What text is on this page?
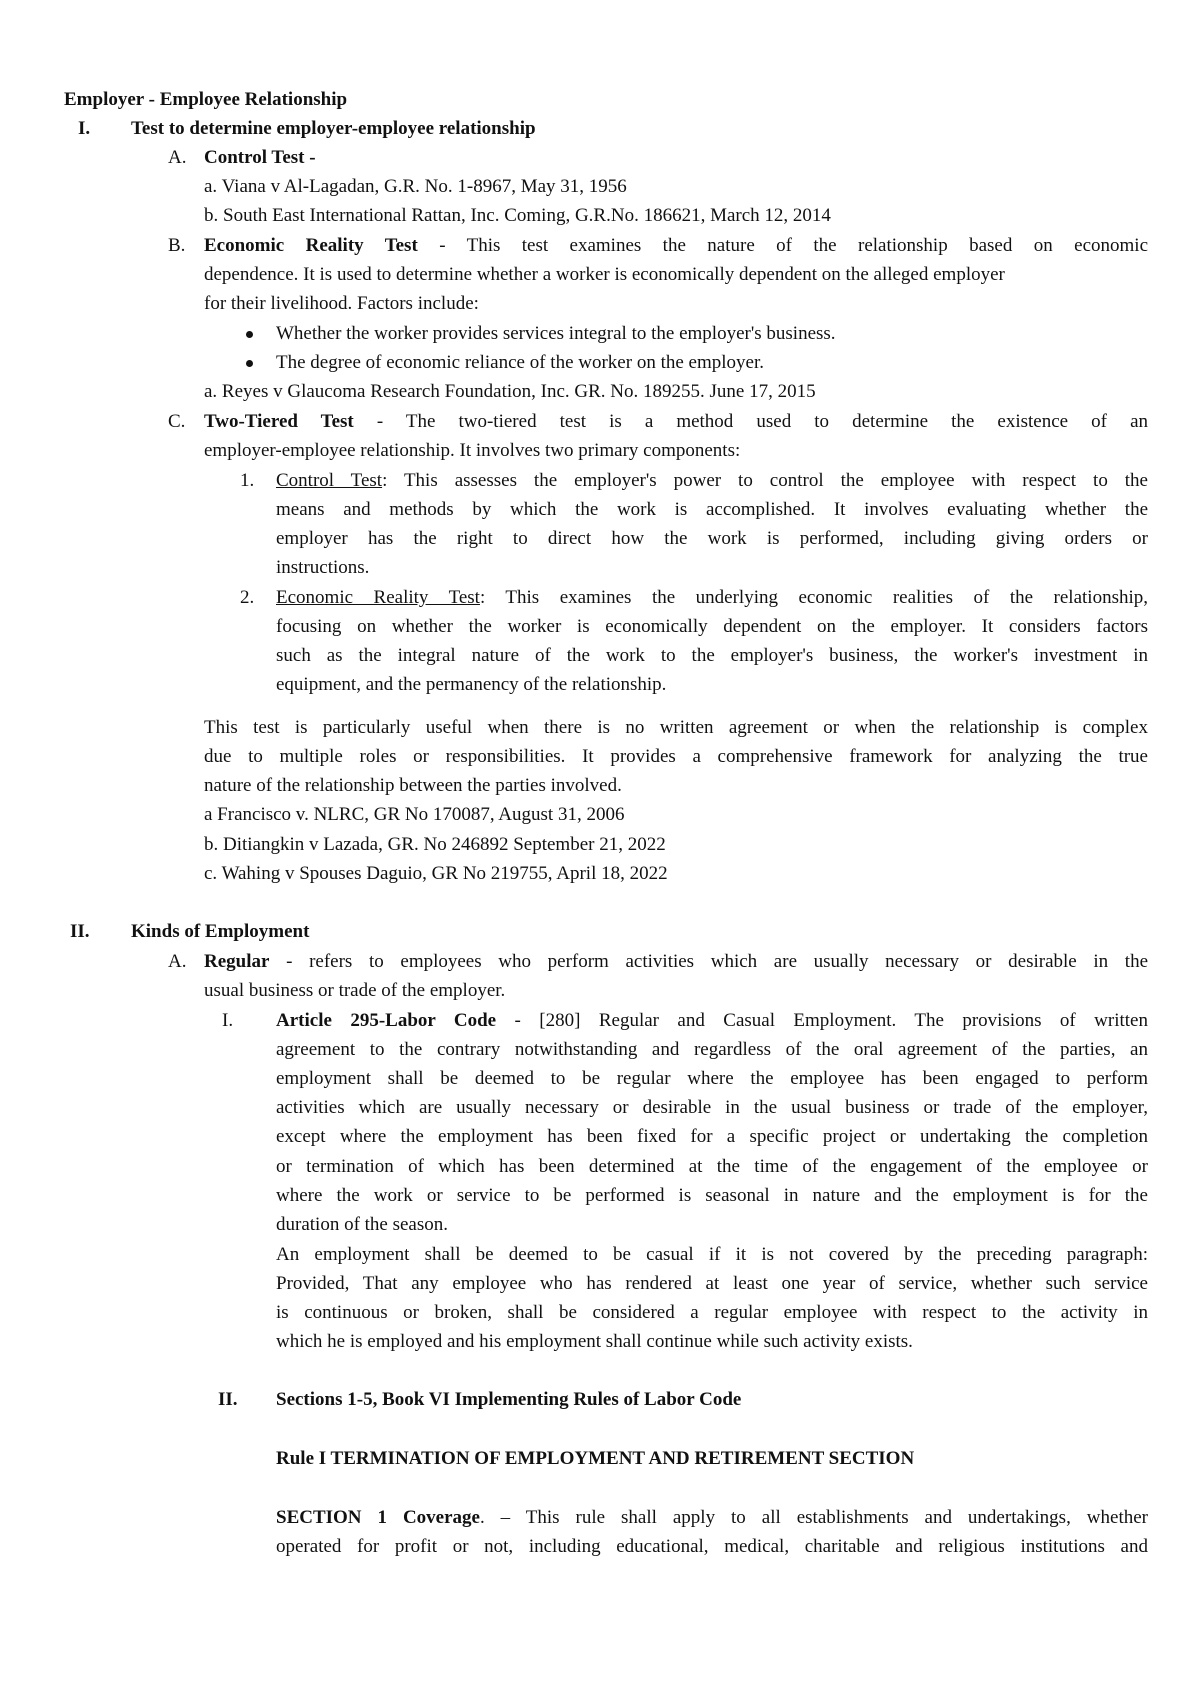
Employer - Employee Relationship
I. Test to determine employer-employee relationship
A. Control Test -
a. Viana v Al-Lagadan, G.R. No. 1-8967, May 31, 1956
b. South East International Rattan, Inc. Coming, G.R.No. 186621, March 12, 2014
B. Economic Reality Test - This test examines the nature of the relationship based on economic
dependence. It is used to determine whether a worker is economically dependent on the alleged employer
for their livelihood. Factors include:
Whether the worker provides services integral to the employer's business.
The degree of economic reliance of the worker on the employer.
a. Reyes v Glaucoma Research Foundation, Inc. GR. No. 189255. June 17, 2015
C. Two-Tiered Test - The two-tiered test is a method used to determine the existence of an
employer-employee relationship. It involves two primary components:
1. Control Test: This assesses the employer's power to control the employee with respect to the
means and methods by which the work is accomplished. It involves evaluating whether the
employer has the right to direct how the work is performed, including giving orders or
instructions.
2. Economic Reality Test: This examines the underlying economic realities of the relationship,
focusing on whether the worker is economically dependent on the employer. It considers factors
such as the integral nature of the work to the employer's business, the worker's investment in
equipment, and the permanency of the relationship.
This test is particularly useful when there is no written agreement or when the relationship is complex
due to multiple roles or responsibilities. It provides a comprehensive framework for analyzing the true
nature of the relationship between the parties involved.
a Francisco v. NLRC, GR No 170087, August 31, 2006
b. Ditiangkin v Lazada, GR. No 246892 September 21, 2022
c. Wahing v Spouses Daguio, GR No 219755, April 18, 2022
II. Kinds of Employment
A. Regular - refers to employees who perform activities which are usually necessary or desirable in the
usual business or trade of the employer.
I. Article 295-Labor Code - [280] Regular and Casual Employment. The provisions of written
agreement to the contrary notwithstanding and regardless of the oral agreement of the parties, an
employment shall be deemed to be regular where the employee has been engaged to perform
activities which are usually necessary or desirable in the usual business or trade of the employer,
except where the employment has been fixed for a specific project or undertaking the completion
or termination of which has been determined at the time of the engagement of the employee or
where the work or service to be performed is seasonal in nature and the employment is for the
duration of the season.
An employment shall be deemed to be casual if it is not covered by the preceding paragraph:
Provided, That any employee who has rendered at least one year of service, whether such service
is continuous or broken, shall be considered a regular employee with respect to the activity in
which he is employed and his employment shall continue while such activity exists.
II. Sections 1-5, Book VI Implementing Rules of Labor Code
Rule I TERMINATION OF EMPLOYMENT AND RETIREMENT SECTION
SECTION 1 Coverage. – This rule shall apply to all establishments and undertakings, whether
operated for profit or not, including educational, medical, charitable and religious institutions and
